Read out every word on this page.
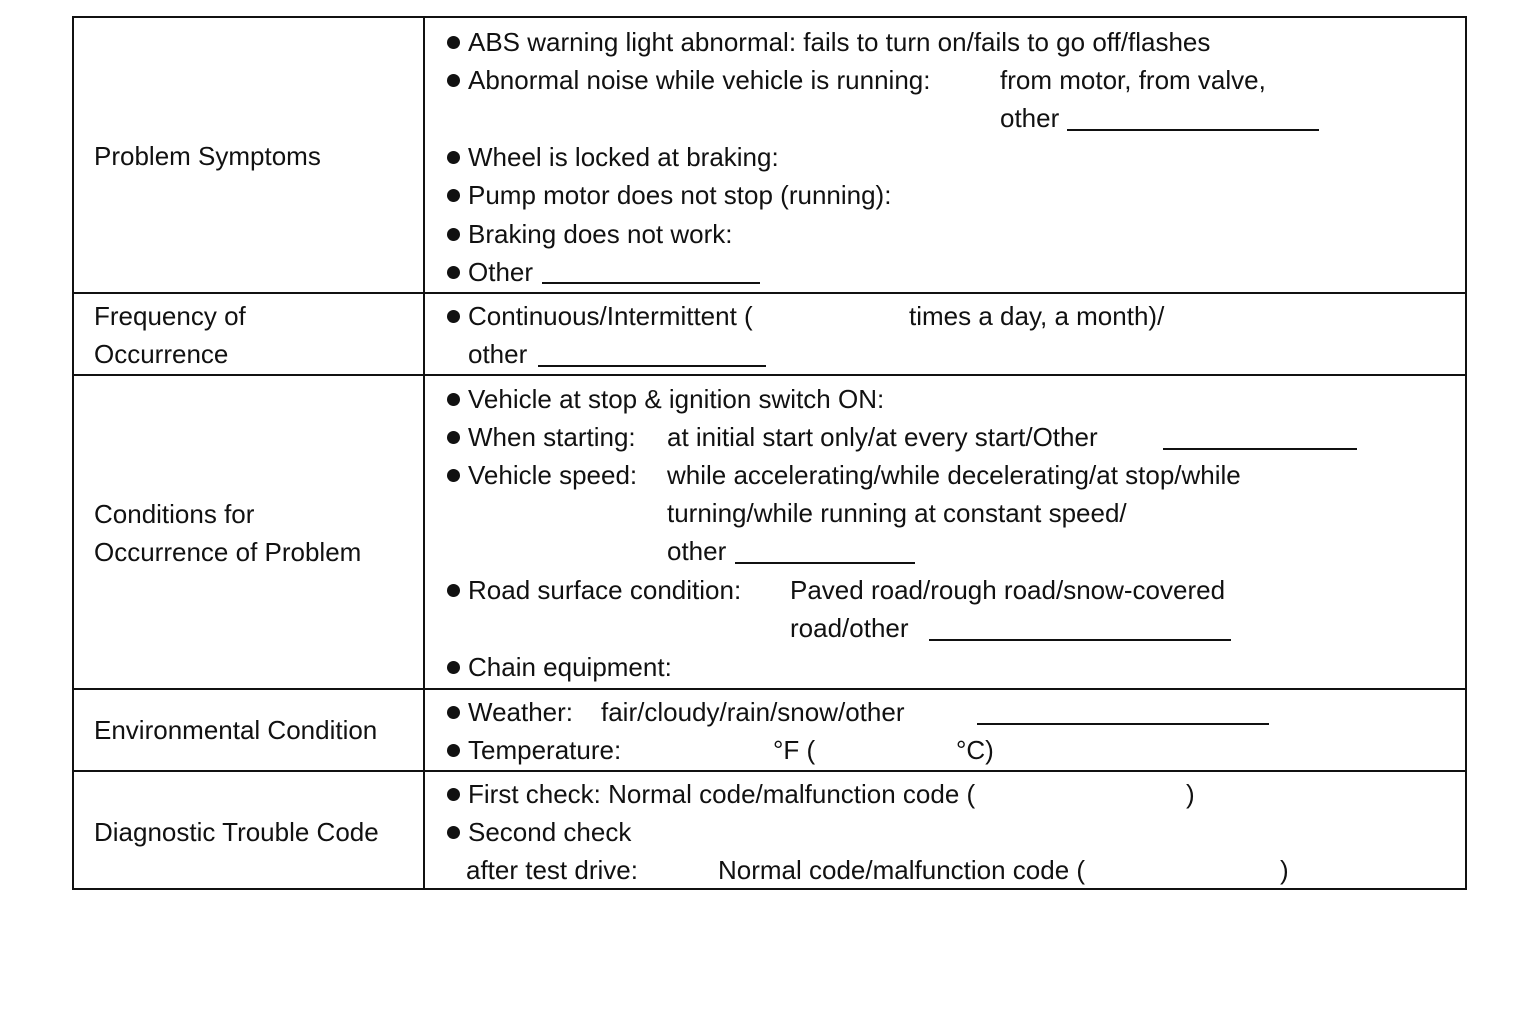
Problem Symptoms
ABS warning light abnormal: fails to turn on/fails to go off/flashes
Abnormal noise while vehicle is running:	from motor, from valve,
other
Wheel is locked at braking:
Pump motor does not stop (running):
Braking does not work:
Other
Frequency of
Occurrence
Continuous/Intermittent (	times a day, a month)/
other
Conditions for
Occurrence of Problem
Vehicle at stop & ignition switch ON:
When starting: at initial start only/at every start/Other
Vehicle speed: while accelerating/while decelerating/at stop/while
turning/while running at constant speed/
other
Road surface condition: Paved road/rough road/snow-covered
road/other
Chain equipment:
Environmental Condition
Weather: fair/cloudy/rain/snow/other
Temperature:	°F (	°C)
Diagnostic Trouble Code
First check: Normal code/malfunction code (	)
Second check
after test drive:	Normal code/malfunction code (	)
